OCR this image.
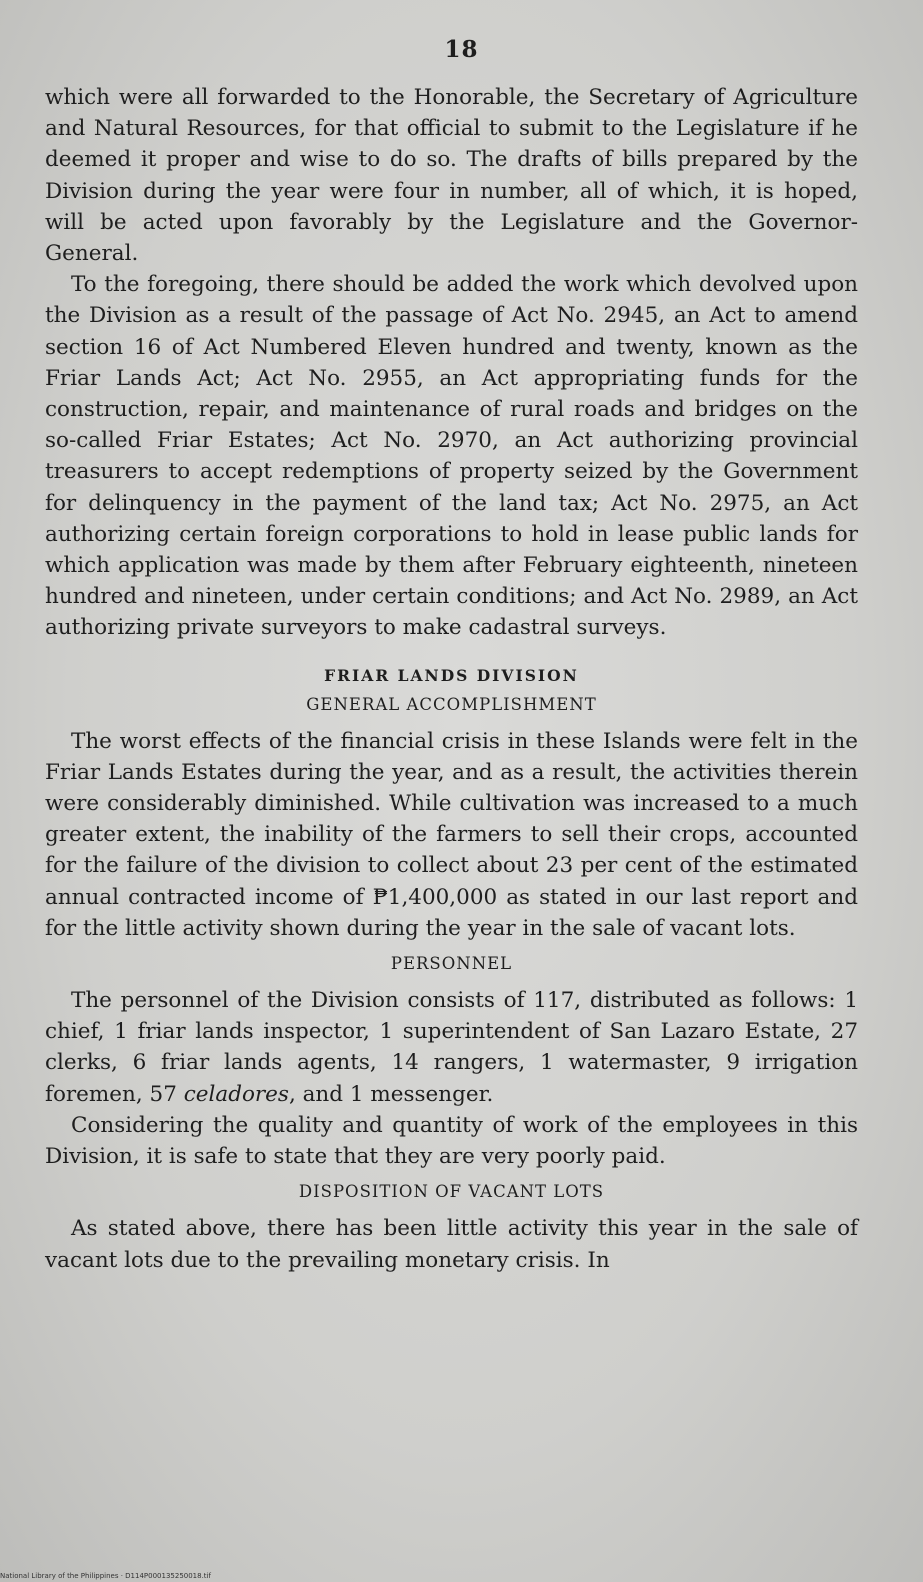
18

which were all forwarded to the Honorable, the Secretary of Agriculture and Natural Resources, for that official to submit to the Legislature if he deemed it proper and wise to do so. The drafts of bills prepared by the Division during the year were four in number, all of which, it is hoped, will be acted upon favorably by the Legislature and the Governor-General.

To the foregoing, there should be added the work which devolved upon the Division as a result of the passage of Act No. 2945, an Act to amend section 16 of Act Numbered Eleven hundred and twenty, known as the Friar Lands Act; Act No. 2955, an Act appropriating funds for the construction, repair, and maintenance of rural roads and bridges on the so-called Friar Estates; Act No. 2970, an Act authorizing provincial treasurers to accept redemptions of property seized by the Government for delinquency in the payment of the land tax; Act No. 2975, an Act authorizing certain foreign corporations to hold in lease public lands for which application was made by them after February eighteenth, nineteen hundred and nineteen, under certain conditions; and Act No. 2989, an Act authorizing private surveyors to make cadastral surveys.

FRIAR LANDS DIVISION
GENERAL ACCOMPLISHMENT

The worst effects of the financial crisis in these Islands were felt in the Friar Lands Estates during the year, and as a result, the activities therein were considerably diminished. While cultivation was increased to a much greater extent, the inability of the farmers to sell their crops, accounted for the failure of the division to collect about 23 per cent of the estimated annual contracted income of ₱1,400,000 as stated in our last report and for the little activity shown during the year in the sale of vacant lots.

PERSONNEL

The personnel of the Division consists of 117, distributed as follows: 1 chief, 1 friar lands inspector, 1 superintendent of San Lazaro Estate, 27 clerks, 6 friar lands agents, 14 rangers, 1 watermaster, 9 irrigation foremen, 57 celadores, and 1 messenger.

Considering the quality and quantity of work of the employees in this Division, it is safe to state that they are very poorly paid.

DISPOSITION OF VACANT LOTS

As stated above, there has been little activity this year in the sale of vacant lots due to the prevailing monetary crisis. In

National Library of the Philippines · D114P000135250018.tif
